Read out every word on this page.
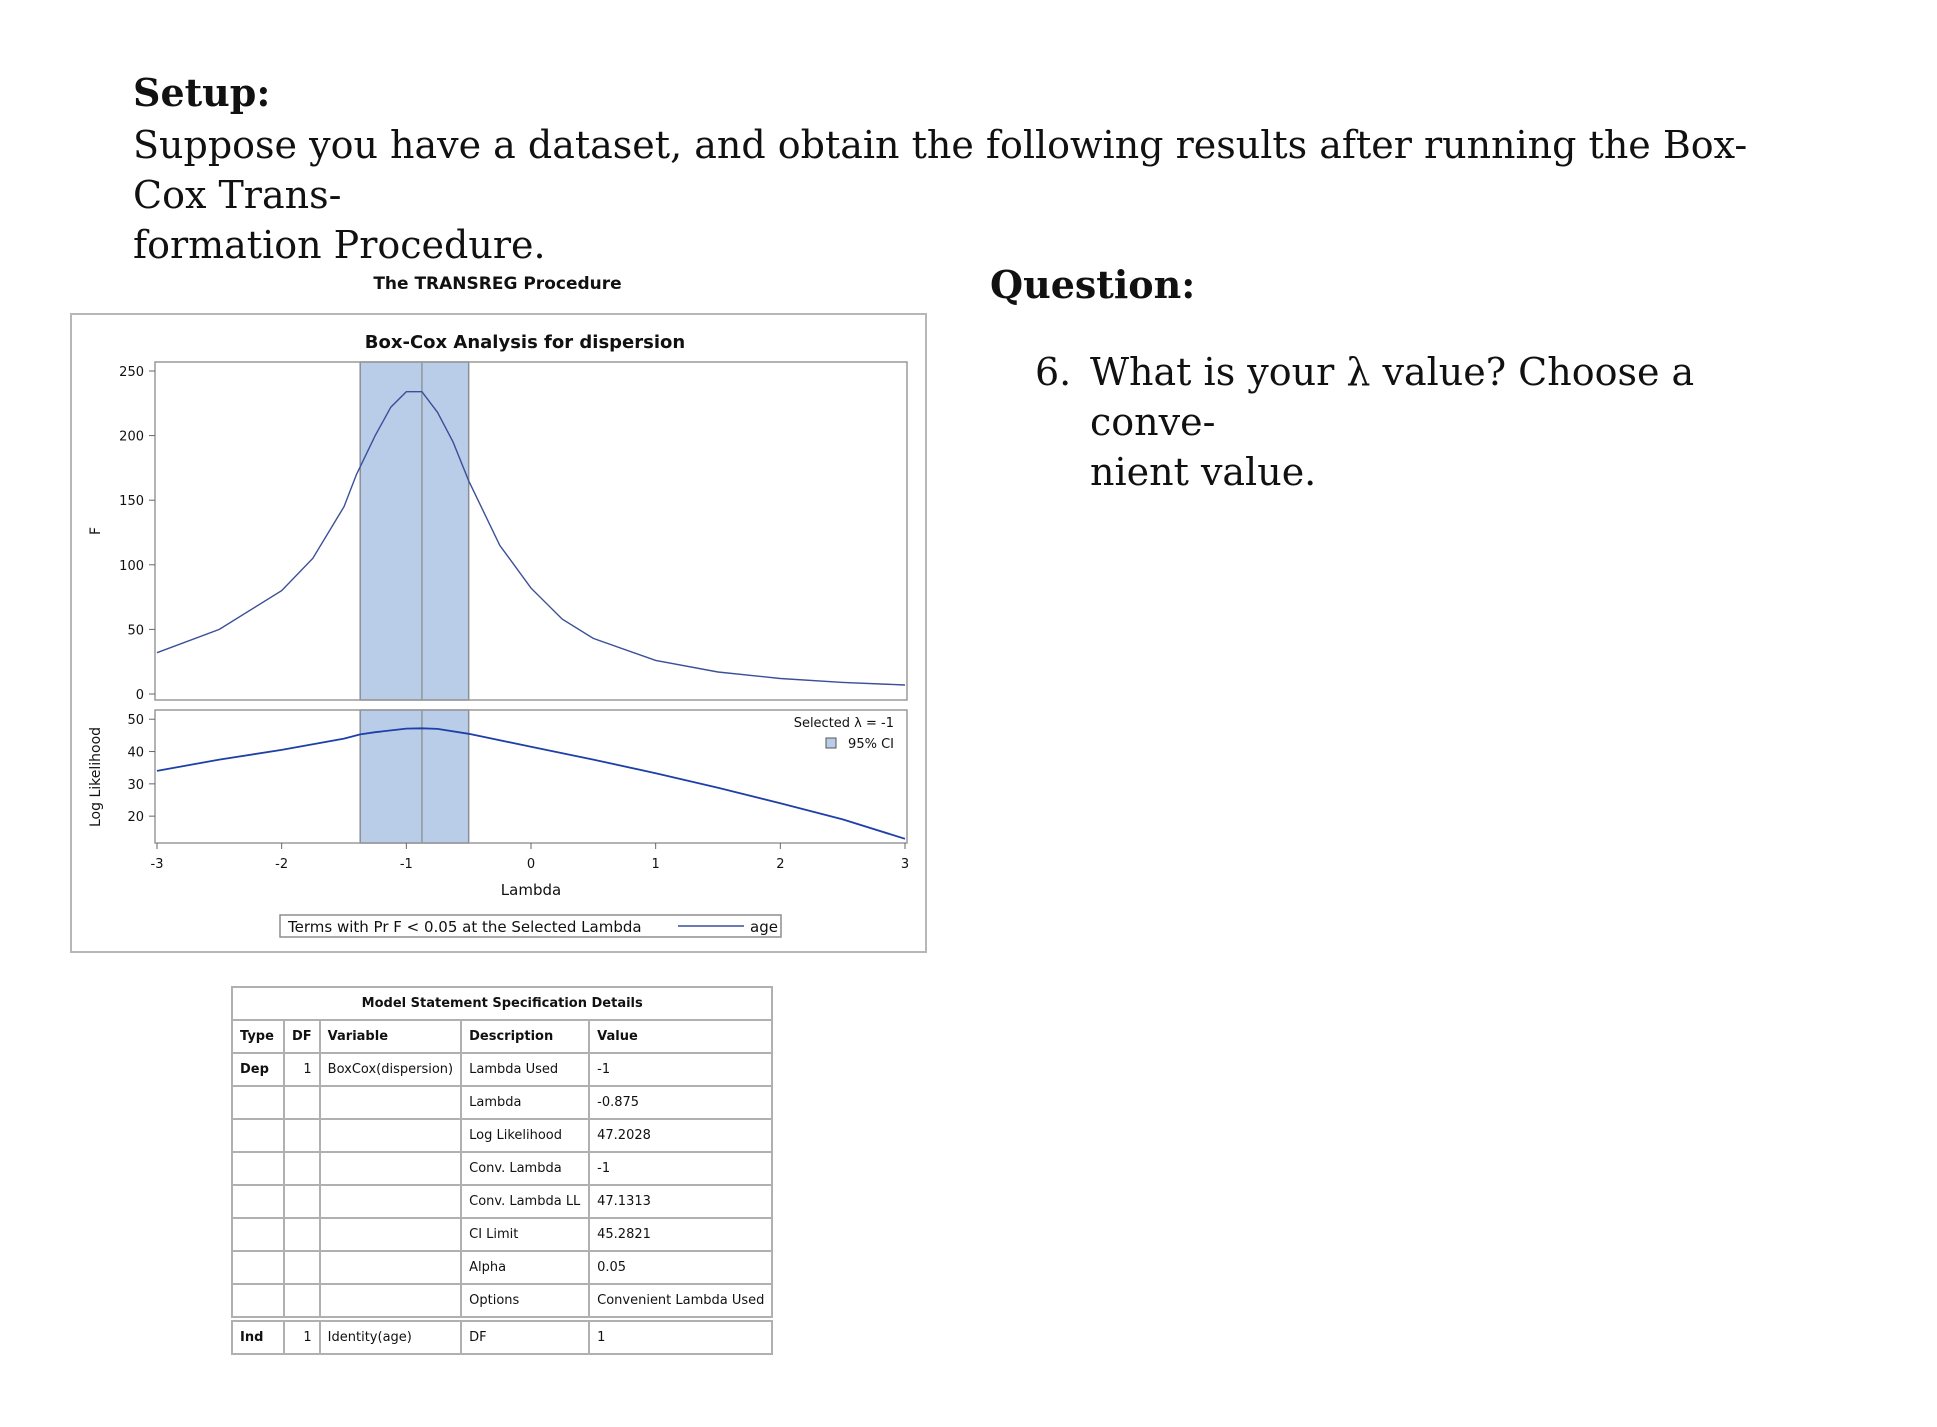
Setup:
Suppose you have a dataset, and obtain the following results after running the Box-Cox Trans-
formation Procedure.
Question:
6. What is your λ value? Choose a conve-
nient value.
The TRANSREG Procedure
Box-Cox Analysis for dispersion
0
50
100
150
200
250
F
20
30
40
50
Log Likelihood
-3	-2	-1	0	1	2	3
Lambda
Selected λ = -1
95% CI
Terms with Pr F < 0.05 at the Selected Lambda	age
Model Statement Specification Details				
Type	DF	Variable	Description	Value
Dep	1	BoxCox(dispersion)	Lambda Used	-1
			Lambda	-0.875
			Log Likelihood	47.2028
			Conv. Lambda	-1
			Conv. Lambda LL	47.1313
			CI Limit	45.2821
			Alpha	0.05
			Options	Convenient Lambda Used

Ind	1	Identity(age)	DF	1
